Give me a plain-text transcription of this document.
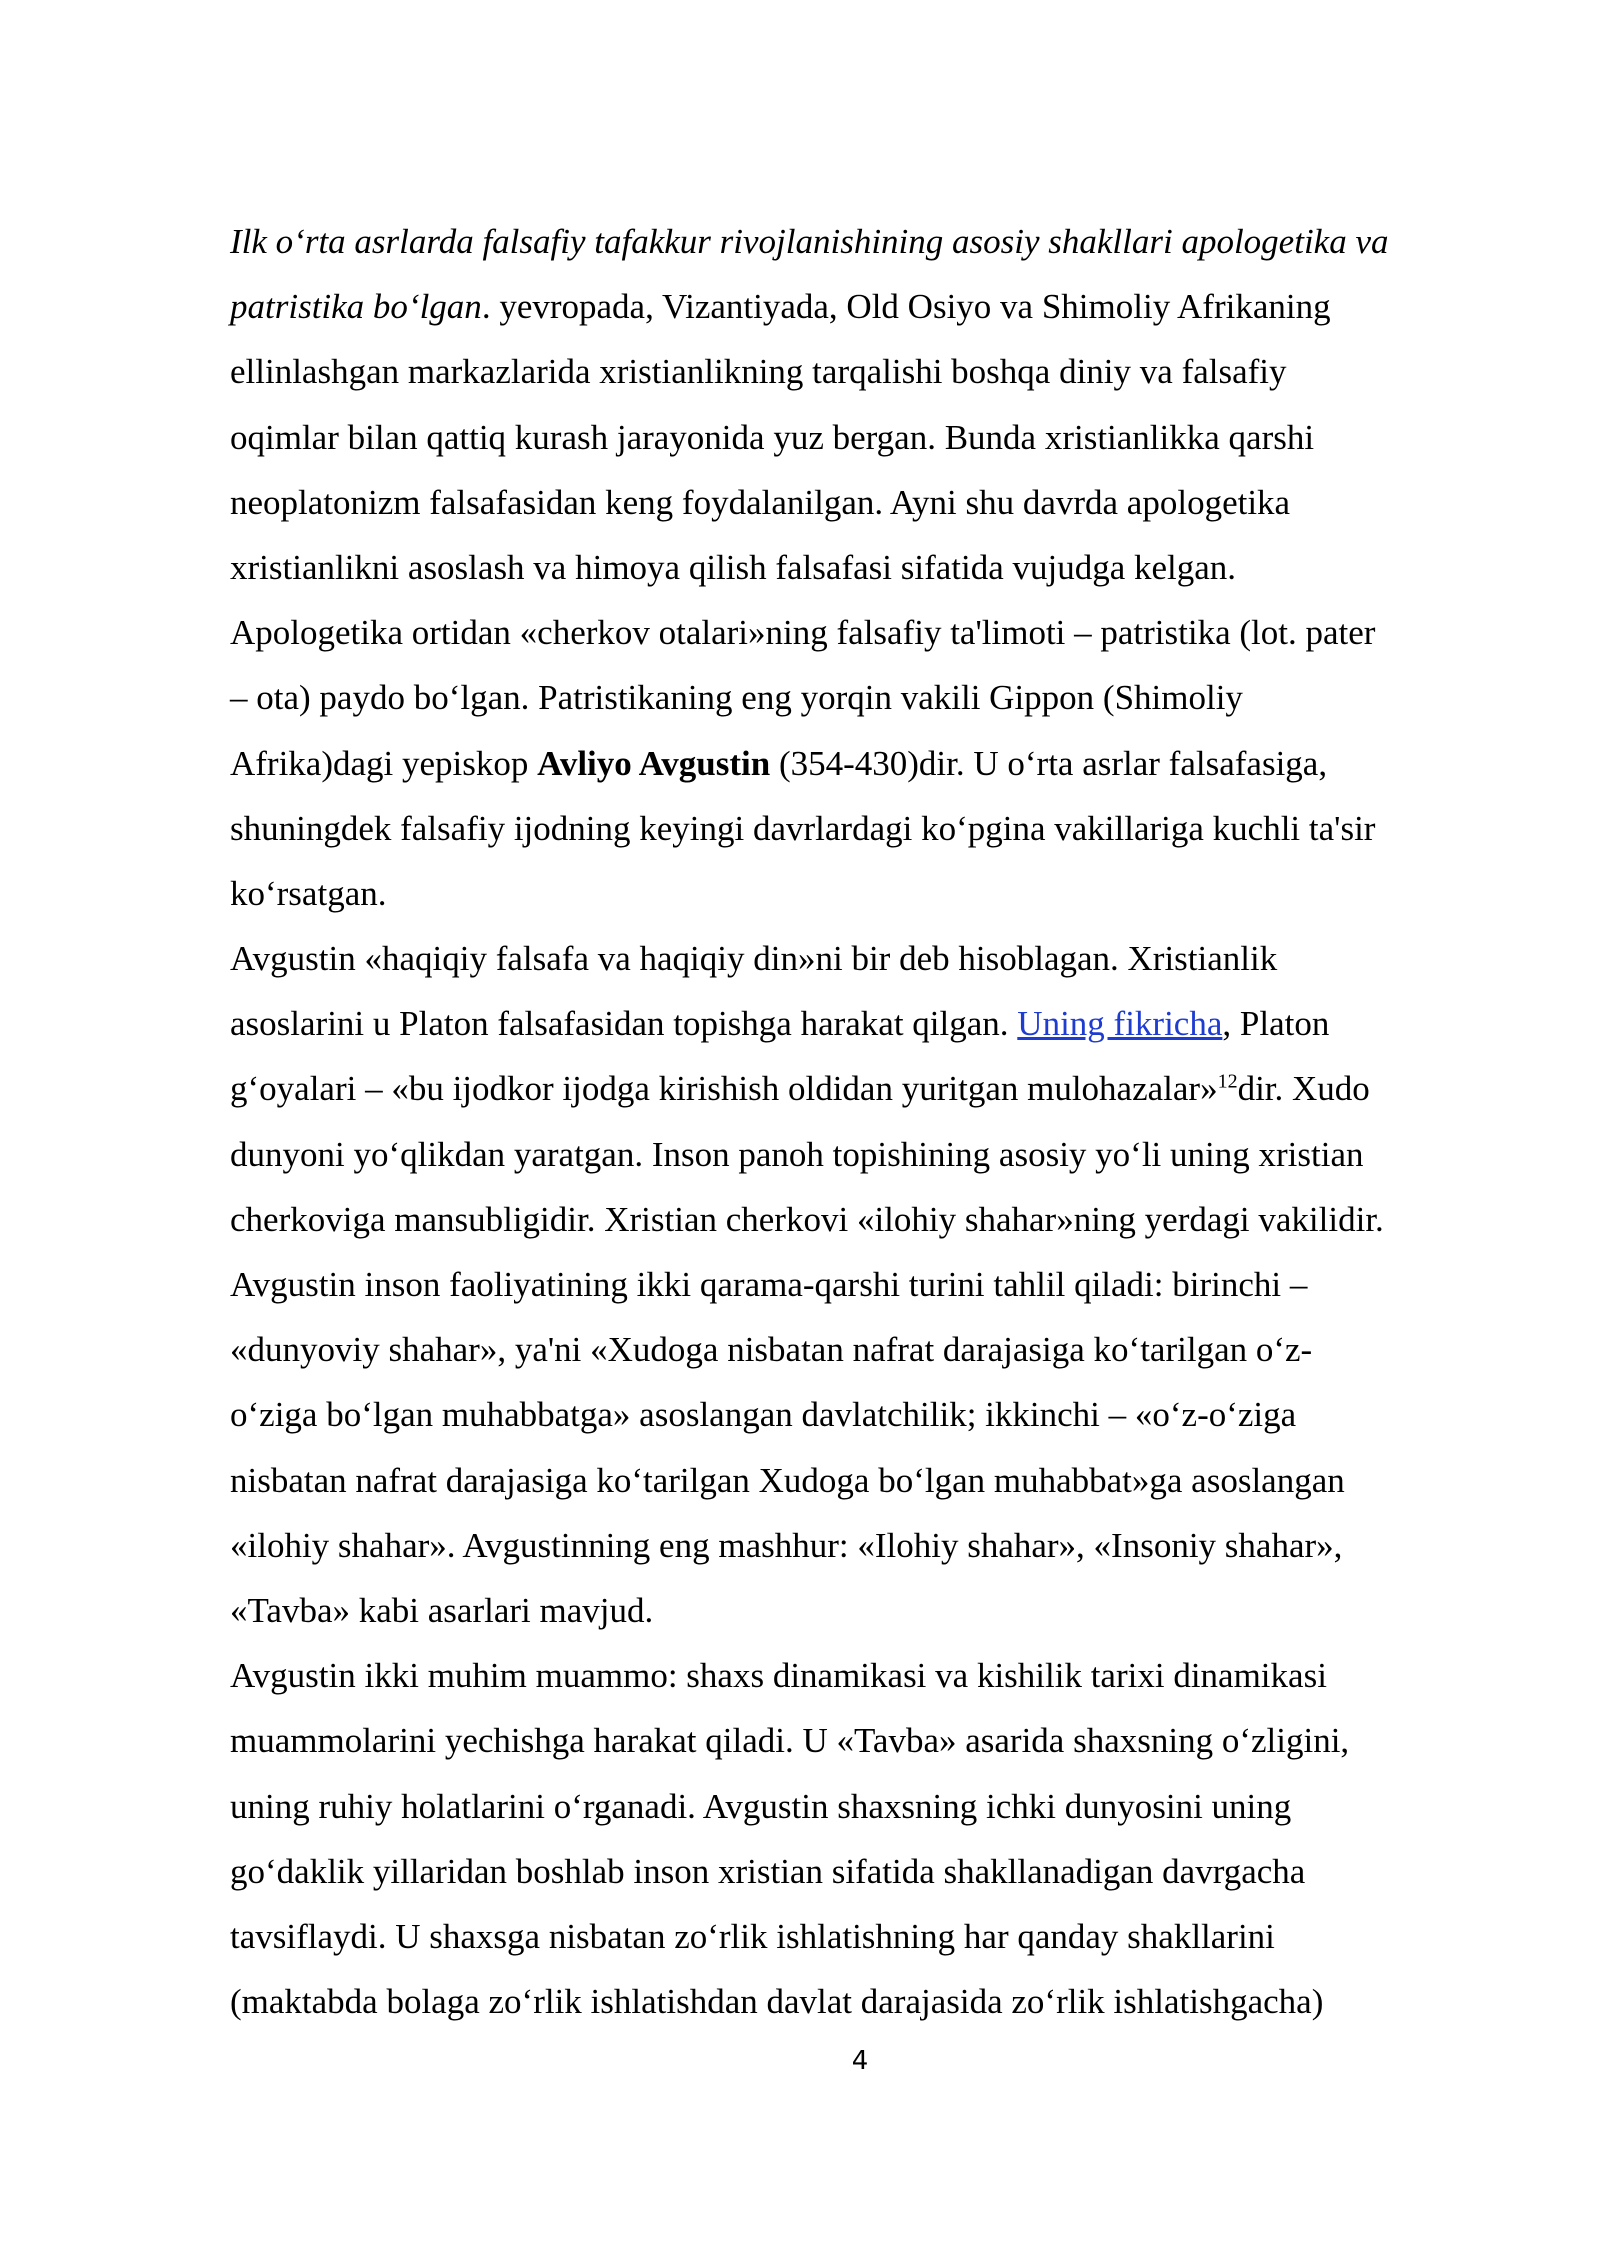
Ilk o‘rta asrlarda falsafiy tafakkur rivojlanishining asosiy shakllari apologetika va
patristika bo‘lgan. yevropada, Vizantiyada, Old Osiyo va Shimoliy Afrikaning
ellinlashgan markazlarida xristianlikning tarqalishi boshqa diniy va falsafiy
oqimlar bilan qattiq kurash jarayonida yuz bergan. Bunda xristianlikka qarshi
neoplatonizm falsafasidan keng foydalanilgan. Ayni shu davrda apologetika
xristianlikni asoslash va himoya qilish falsafasi sifatida vujudga kelgan.
Apologetika ortidan «cherkov otalari»ning falsafiy ta'limoti – patristika (lot. pater
– ota) paydo bo‘lgan. Patristikaning eng yorqin vakili Gippon (Shimoliy
Afrika)dagi yepiskop Avliyo Avgustin (354-430)dir. U o‘rta asrlar falsafasiga,
shuningdek falsafiy ijodning keyingi davrlardagi ko‘pgina vakillariga kuchli ta'sir
ko‘rsatgan.
Avgustin «haqiqiy falsafa va haqiqiy din»ni bir deb hisoblagan. Xristianlik
asoslarini u Platon falsafasidan topishga harakat qilgan. Uning fikricha, Platon
g‘oyalari – «bu ijodkor ijodga kirishish oldidan yuritgan mulohazalar»$^{12}$dir. Xudo
dunyoni yo‘qlikdan yaratgan. Inson panoh topishining asosiy yo‘li uning xristian
cherkoviga mansubligidir. Xristian cherkovi «ilohiy shahar»ning yerdagi vakilidir.
Avgustin inson faoliyatining ikki qarama-qarshi turini tahlil qiladi: birinchi –
«dunyoviy shahar», ya'ni «Xudoga nisbatan nafrat darajasiga ko‘tarilgan o‘z-
o‘ziga bo‘lgan muhabbatga» asoslangan davlatchilik; ikkinchi – «o‘z-o‘ziga
nisbatan nafrat darajasiga ko‘tarilgan Xudoga bo‘lgan muhabbat»ga asoslangan
«ilohiy shahar». Avgustinning eng mashhur: «Ilohiy shahar», «Insoniy shahar»,
«Tavba» kabi asarlari mavjud.
Avgustin ikki muhim muammo: shaxs dinamikasi va kishilik tarixi dinamikasi
muammolarini yechishga harakat qiladi. U «Tavba» asarida shaxsning o‘zligini,
uning ruhiy holatlarini o‘rganadi. Avgustin shaxsning ichki dunyosini uning
go‘daklik yillaridan boshlab inson xristian sifatida shakllanadigan davrgacha
tavsiflaydi. U shaxsga nisbatan zo‘rlik ishlatishning har qanday shakllarini
(maktabda bolaga zo‘rlik ishlatishdan davlat darajasida zo‘rlik ishlatishgacha)
4
